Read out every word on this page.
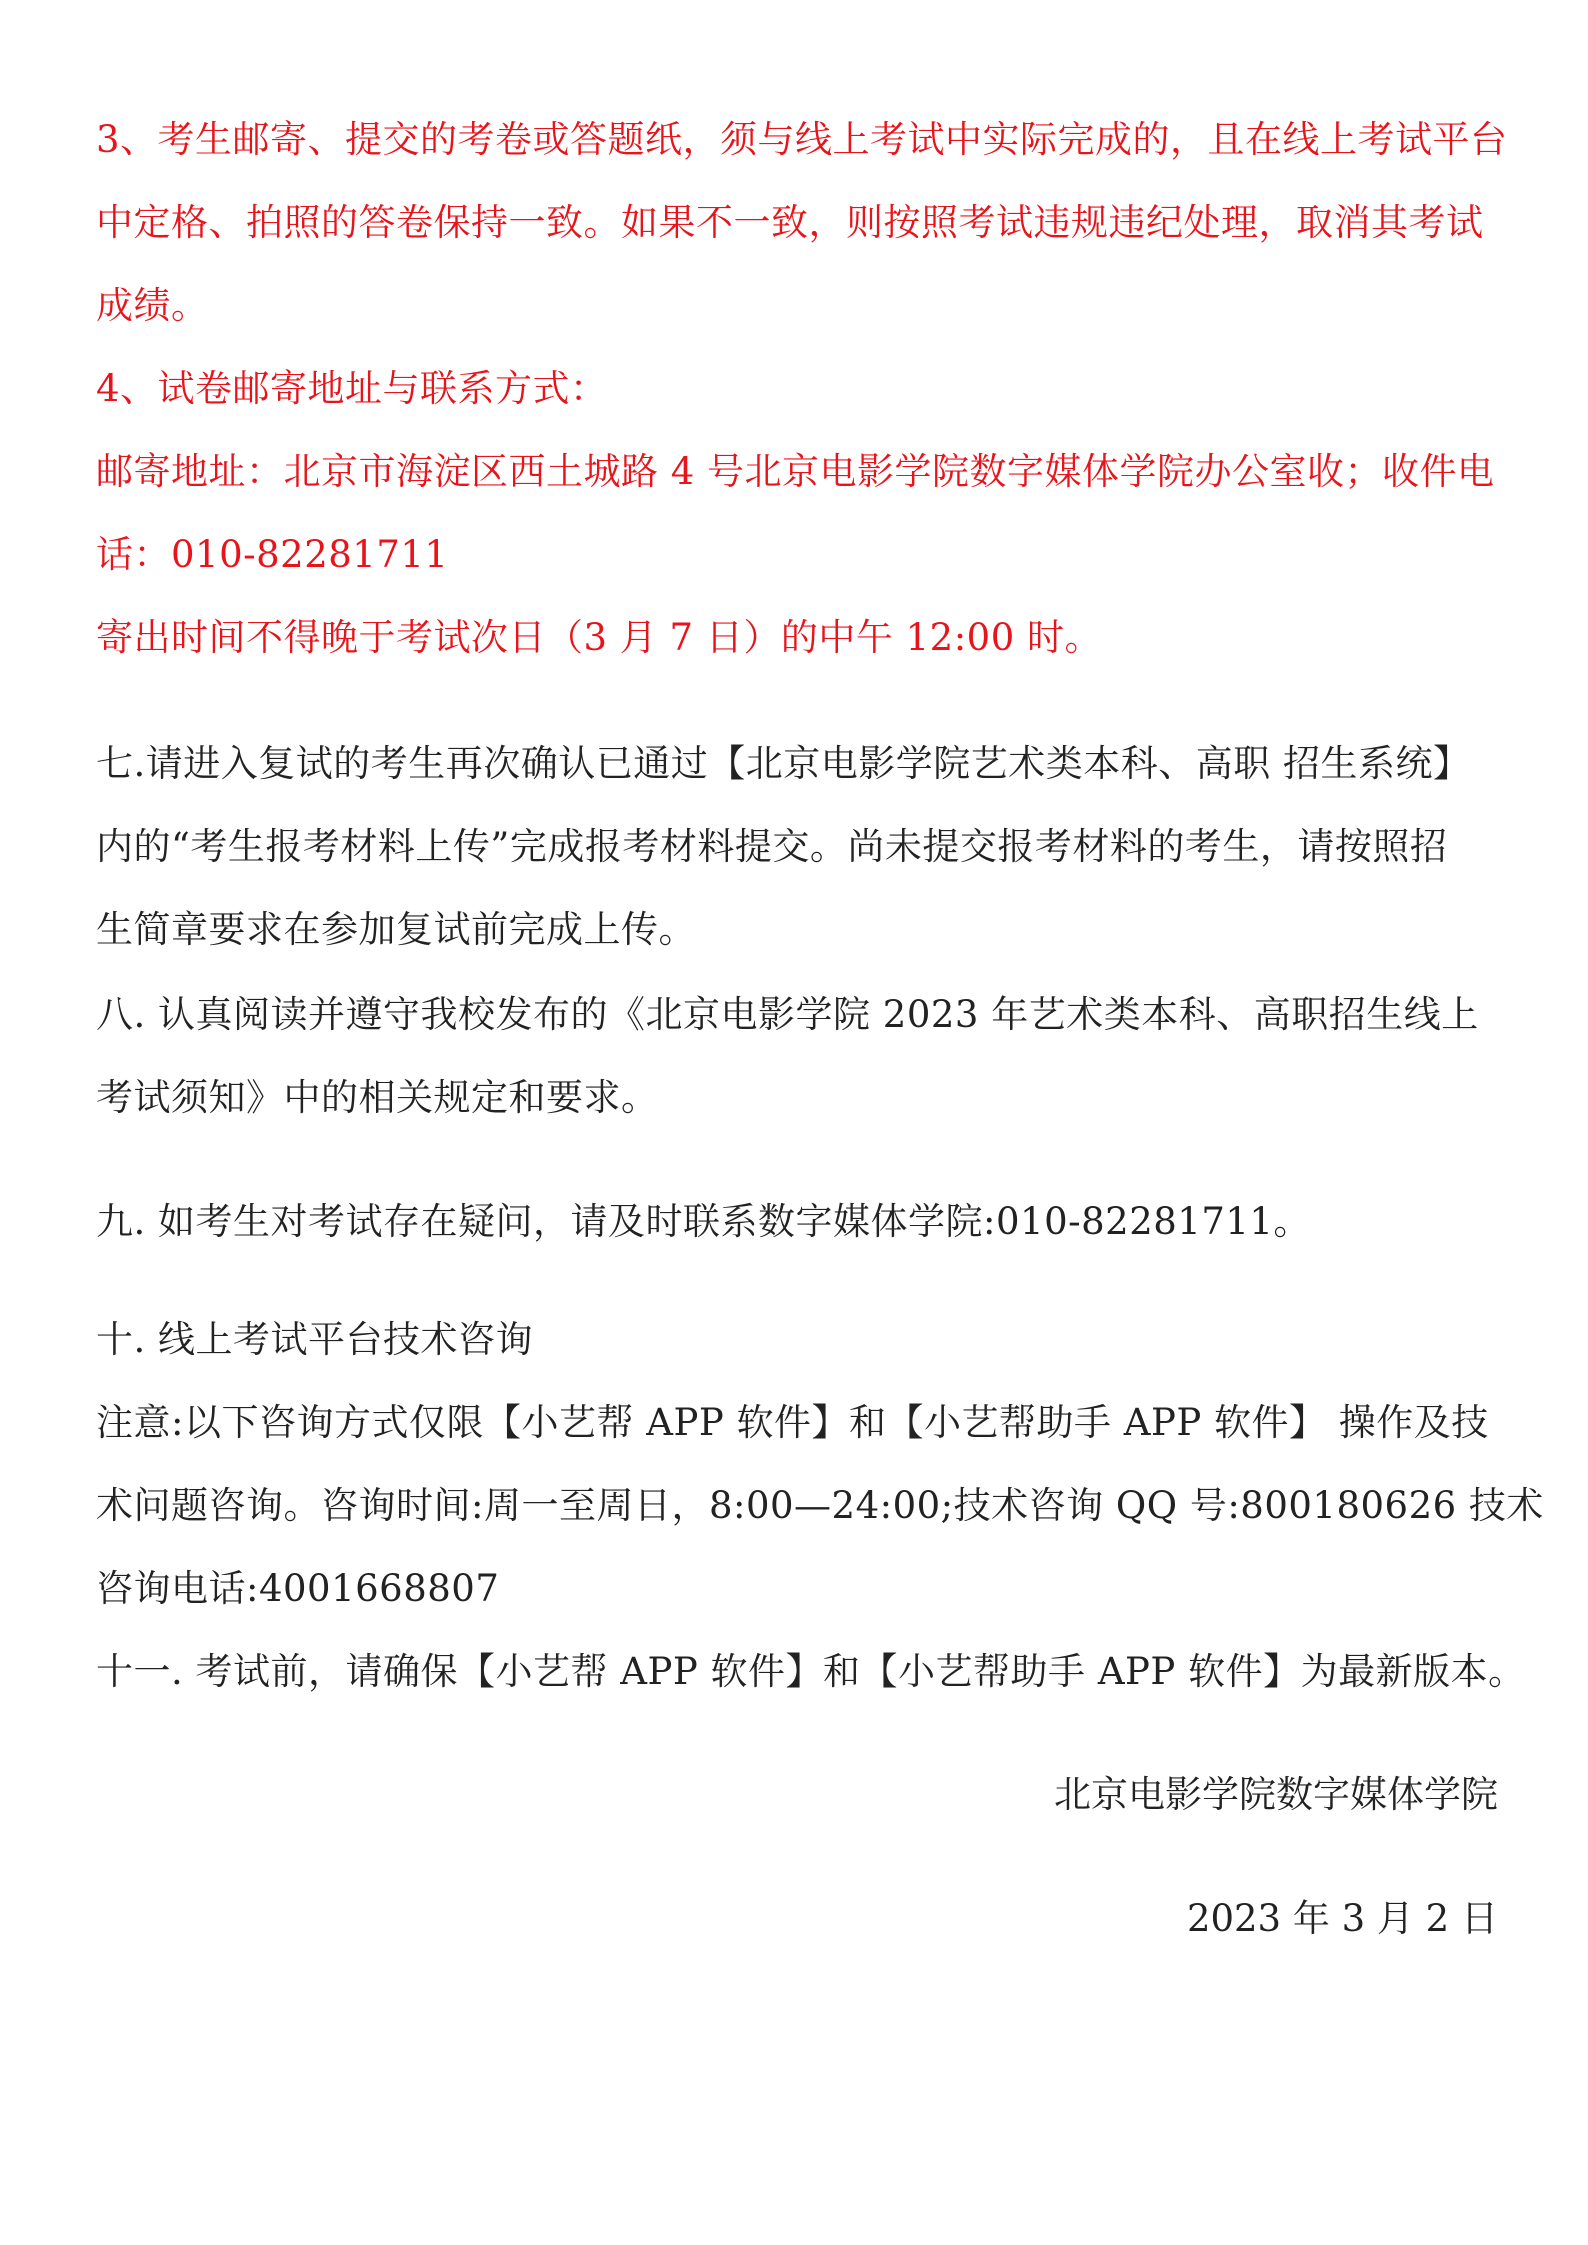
3、考生邮寄、提交的考卷或答题纸，须与线上考试中实际完成的，且在线上考试平台
中定格、拍照的答卷保持一致。如果不一致，则按照考试违规违纪处理，取消其考试
成绩。

4、试卷邮寄地址与联系方式：
邮寄地址：北京市海淀区西土城路 4 号北京电影学院数字媒体学院办公室收；收件电
话：010-82281711
寄出时间不得晚于考试次日（3 月 7 日）的中午 12:00 时。

七.请进入复试的考生再次确认已通过【北京电影学院艺术类本科、高职 招生系统】
内的“考生报考材料上传”完成报考材料提交。尚未提交报考材料的考生，请按照招
生简章要求在参加复试前完成上传。

八. 认真阅读并遵守我校发布的《北京电影学院 2023 年艺术类本科、高职招生线上
考试须知》中的相关规定和要求。

九. 如考生对考试存在疑问，请及时联系数字媒体学院:010-82281711。

十. 线上考试平台技术咨询
注意:以下咨询方式仅限【小艺帮 APP 软件】和【小艺帮助手 APP 软件】 操作及技
术问题咨询。咨询时间:周一至周日，8:00—24:00;技术咨询 QQ 号:800180626 技术
咨询电话:4001668807

十一. 考试前，请确保【小艺帮 APP 软件】和【小艺帮助手 APP 软件】为最新版本。

北京电影学院数字媒体学院
2023 年 3 月 2 日
